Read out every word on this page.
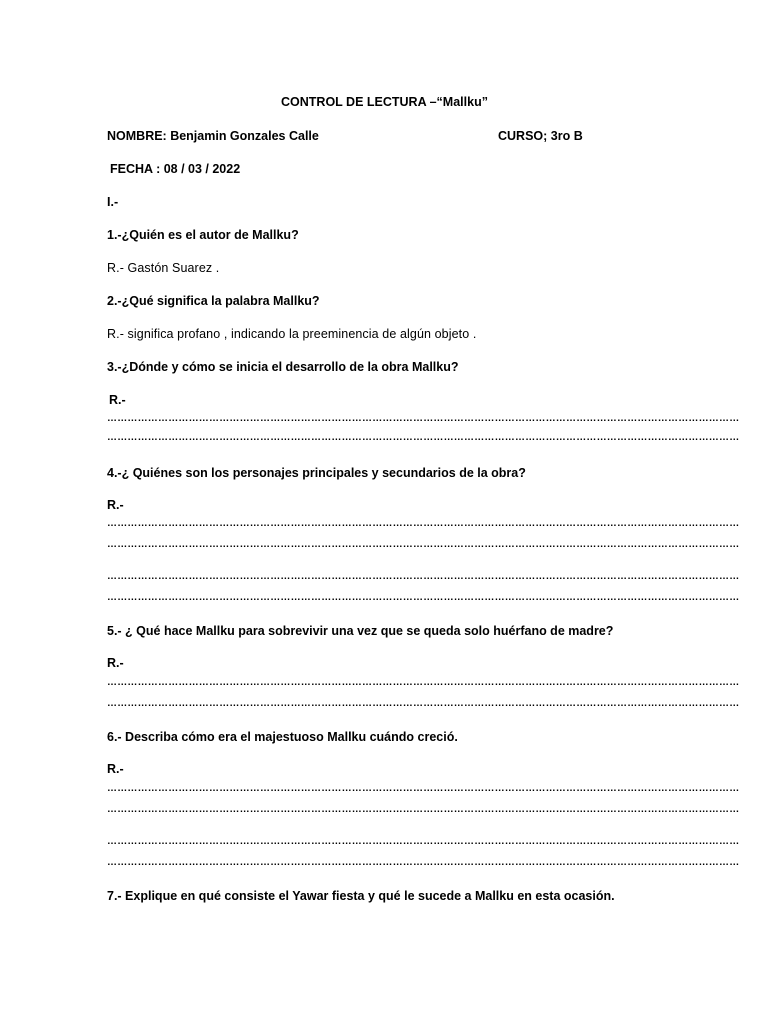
CONTROL DE LECTURA –“Mallku”
NOMBRE: Benjamin Gonzales Calle	CURSO; 3ro B
FECHA : 08 / 03 / 2022
I.-
1.-¿Quién es el autor de Mallku?
R.- Gastón Suarez .
2.-¿Qué significa la palabra Mallku?
R.- significa profano , indicando la preeminencia de algún objeto .
3.-¿Dónde y cómo se inicia el desarrollo de la obra Mallku?
R.-
……………………………………………………………………………………………………………………………………………………………………
……………………………………………………………………………………………………………………………………………………………………
4.-¿ Quiénes son los personajes principales y secundarios de la obra?
R.-
……………………………………………………………………………………………………………………………………………………………………
……………………………………………………………………………………………………………………………………………………………………
……………………………………………………………………………………………………………………………………………………………………
……………………………………………………………………………………………………………………………………………………………………
5.- ¿ Qué hace Mallku para sobrevivir una vez que se queda solo huérfano de madre?
R.-
……………………………………………………………………………………………………………………………………………………………………
……………………………………………………………………………………………………………………………………………………………………
6.- Describa cómo era el majestuoso Mallku cuándo creció.
R.-
……………………………………………………………………………………………………………………………………………………………………
……………………………………………………………………………………………………………………………………………………………………
……………………………………………………………………………………………………………………………………………………………………
……………………………………………………………………………………………………………………………………………………………………
7.- Explique en qué consiste el Yawar fiesta y qué le sucede a Mallku en esta ocasión.
